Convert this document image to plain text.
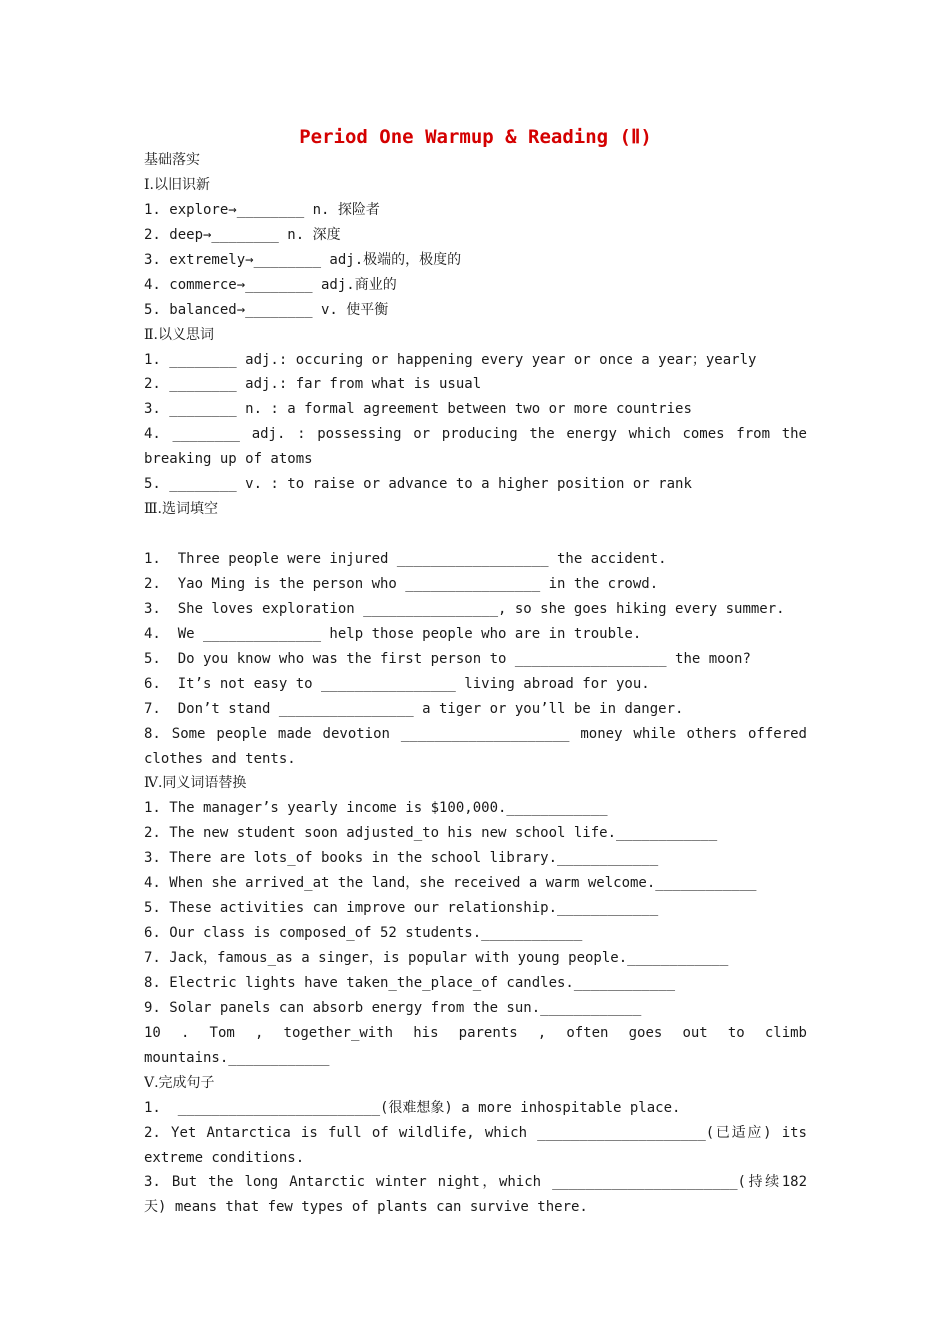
Period One Warmup & Reading (Ⅱ)
基础落实
Ⅰ.以旧识新
1. explore→________ n. 探险者
2. deep→________ n. 深度
3. extremely→________ adj.极端的，极度的
4. commerce→________ adj.商业的
5. balanced→________ v. 使平衡
Ⅱ.以义思词
1. ________ adj.: occuring or happening every year or once a year；yearly
2. ________ adj.: far from what is usual
3. ________ n. : a formal agreement between two or more countries
4. ________ adj. : possessing or producing the energy which comes from the
breaking up of atoms
5. ________ v. : to raise or advance to a higher position or rank
Ⅲ.选词填空
1.  Three people were injured __________________ the accident.
2.  Yao Ming is the person who ________________ in the crowd.
3.  She loves exploration ________________, so she goes hiking every summer.
4.  We ______________ help those people who are in trouble.
5.  Do you know who was the first person to __________________ the moon?
6.  It’s not easy to ________________ living abroad for you.
7.  Don’t stand ________________ a tiger or you’ll be in danger.
8. Some people made devotion ____________________ money while others offered
clothes and tents.
Ⅳ.同义词语替换
1. The manager’s yearly income is $100,000.____________
2. The new student soon adjusted_to his new school life.____________
3. There are lots_of books in the school library.____________
4. When she arrived_at the land，she received a warm welcome.____________
5. These activities can improve our relationship.____________
6. Our class is composed_of 52 students.____________
7. Jack，famous_as a singer，is popular with young people.____________
8. Electric lights have taken_the_place_of candles.____________
9. Solar panels can absorb energy from the sun.____________
10 . Tom , together_with his parents , often goes out to climb
mountains.____________
Ⅴ.完成句子
1.  ________________________(很难想象) a more inhospitable place.
2. Yet Antarctica is full of wildlife, which ____________________(已适应) its
extreme conditions.
3. But the long Antarctic winter night，which ______________________(持续182
天) means that few types of plants can survive there.
